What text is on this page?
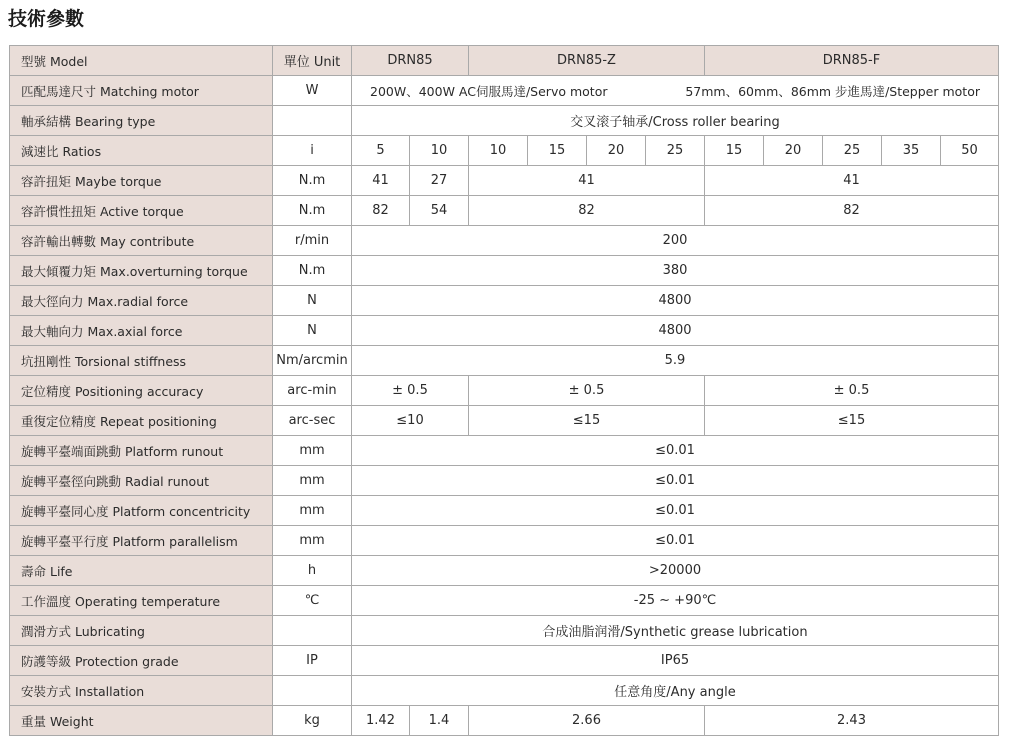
技術參數
型號 Model	單位 Unit	DRN85		DRN85-Z				DRN85-F				
匹配馬達尺寸 Matching motor	W	200W、400W AC伺服馬達/Servo motor 57mm、60mm、86mm 步進馬達/Stepper motor										

軸承結構 Bearing type		交叉滚子轴承/Cross roller bearing										
減速比 Ratios	i	5	10	10	15	20	25	15	20	25	35	50
容許扭矩 Maybe torque	N.m	41	27	41				41				
容許慣性扭矩 Active torque	N.m	82	54	82				82				
容許輸出轉數 May contribute	r/min	200										
最大傾覆力矩 Max.overturning torque	N.m	380										
最大徑向力 Max.radial force	N	4800										
最大軸向力 Max.axial force	N	4800										
坑扭剛性 Torsional stiffness	Nm/arcmin	5.9										
定位精度 Positioning accuracy	arc-min	± 0.5		± 0.5				± 0.5				
重復定位精度 Repeat positioning	arc-sec	≤10		≤15				≤15				
旋轉平臺端面跳動 Platform runout	mm	≤0.01										
旋轉平臺徑向跳動 Radial runout	mm	≤0.01										
旋轉平臺同心度 Platform concentricity	mm	≤0.01										
旋轉平臺平行度 Platform parallelism	mm	≤0.01										
壽命 Life	h	>20000										
工作溫度 Operating temperature	℃	-25 ~ +90℃										
潤滑方式 Lubricating		合成油脂润滑/Synthetic grease lubrication										
防護等級 Protection grade	IP	IP65										
安裝方式 Installation		任意角度/Any angle										
重量 Weight	kg	1.42	1.4	2.66				2.43				
